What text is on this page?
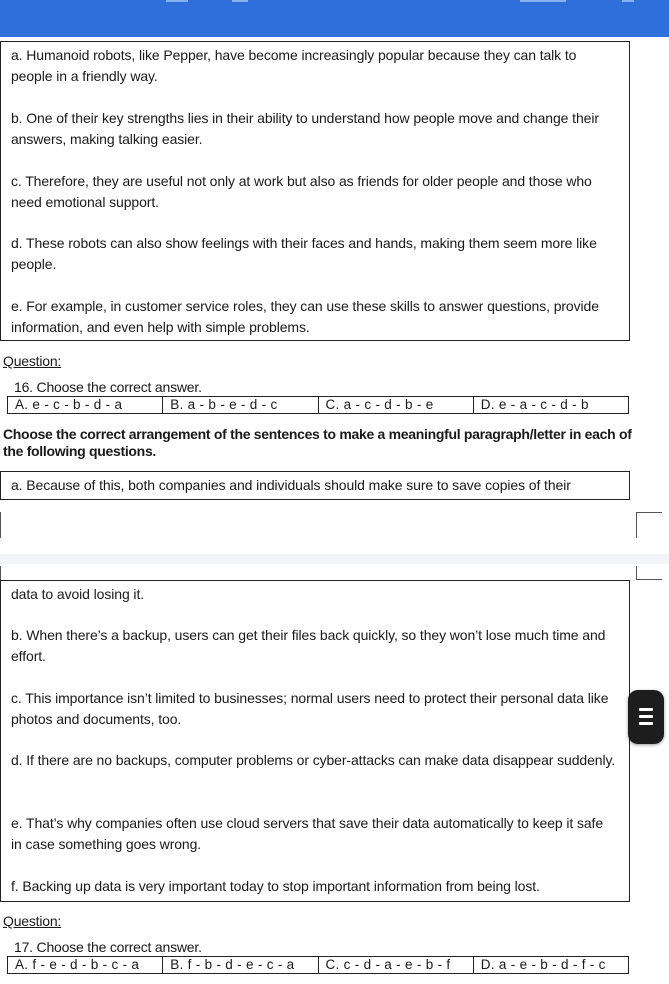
a. Humanoid robots, like Pepper, have become increasingly popular because they can talk to people in a friendly way.
b. One of their key strengths lies in their ability to understand how people move and change their answers, making talking easier.
c. Therefore, they are useful not only at work but also as friends for older people and those who need emotional support.
d. These robots can also show feelings with their faces and hands, making them seem more like people.
e. For example, in customer service roles, they can use these skills to answer questions, provide information, and even help with simple problems.
Question:
16. Choose the correct answer.
A. e - c - b - d - a	B. a - b - e - d - c	C. a - c - d - b - e	D. e - a - c - d - b
Choose the correct arrangement of the sentences to make a meaningful paragraph/letter in each of the following questions.
a. Because of this, both companies and individuals should make sure to save copies of their
data to avoid losing it.
b. When there’s a backup, users can get their files back quickly, so they won’t lose much time and effort.
c. This importance isn’t limited to businesses; normal users need to protect their personal data like photos and documents, too.
d. If there are no backups, computer problems or cyber-attacks can make data disappear suddenly.
e. That’s why companies often use cloud servers that save their data automatically to keep it safe in case something goes wrong.
f. Backing up data is very important today to stop important information from being lost.
Question:
17. Choose the correct answer.
A. f - e - d - b - c - a	B. f - b - d - e - c - a	C. c - d - a - e - b - f	D. a - e - b - d - f - c
